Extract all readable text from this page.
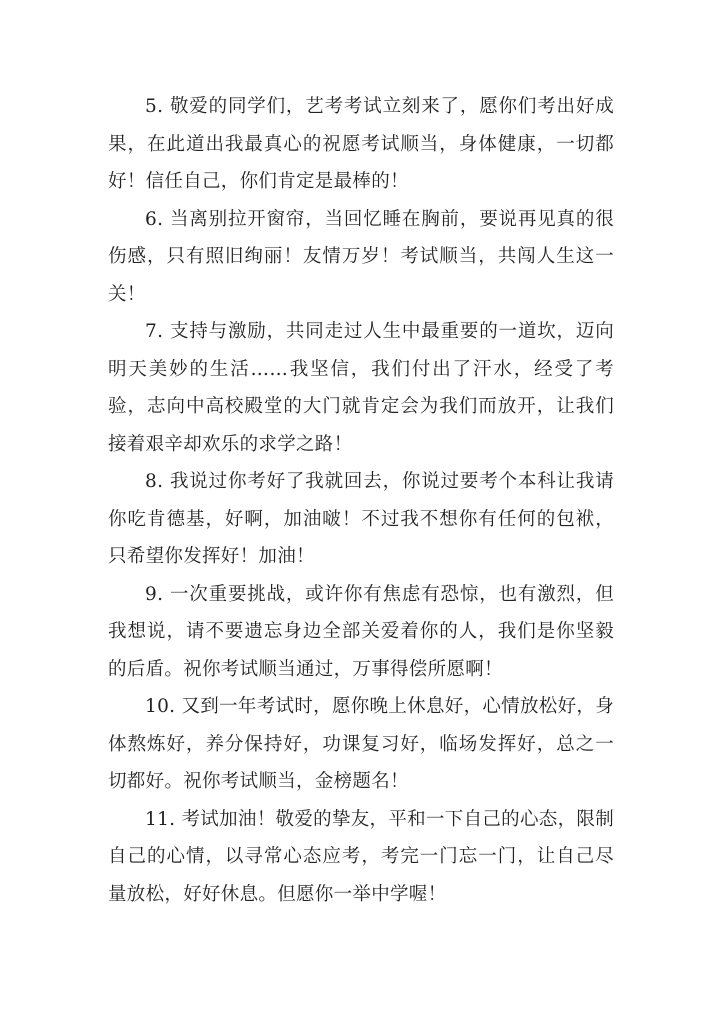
5. 敬爱的同学们，艺考考试立刻来了，愿你们考出好成果，在此道出我最真心的祝愿考试顺当，身体健康，一切都好！信任自己，你们肯定是最棒的！

6. 当离别拉开窗帘，当回忆睡在胸前，要说再见真的很伤感，只有照旧绚丽！友情万岁！考试顺当，共闯人生这一关！

7. 支持与激励，共同走过人生中最重要的一道坎，迈向明天美妙的生活……我坚信，我们付出了汗水，经受了考验，志向中高校殿堂的大门就肯定会为我们而放开，让我们接着艰辛却欢乐的求学之路！

8. 我说过你考好了我就回去，你说过要考个本科让我请你吃肯德基，好啊，加油啵！不过我不想你有任何的包袱，只希望你发挥好！加油！

9. 一次重要挑战，或许你有焦虑有恐惊，也有激烈，但我想说，请不要遗忘身边全部关爱着你的人，我们是你坚毅的后盾。祝你考试顺当通过，万事得偿所愿啊！

10. 又到一年考试时，愿你晚上休息好，心情放松好，身体熬炼好，养分保持好，功课复习好，临场发挥好，总之一切都好。祝你考试顺当，金榜题名！

11. 考试加油！敬爱的挚友，平和一下自己的心态，限制自己的心情，以寻常心态应考，考完一门忘一门，让自己尽量放松，好好休息。但愿你一举中学喔！
